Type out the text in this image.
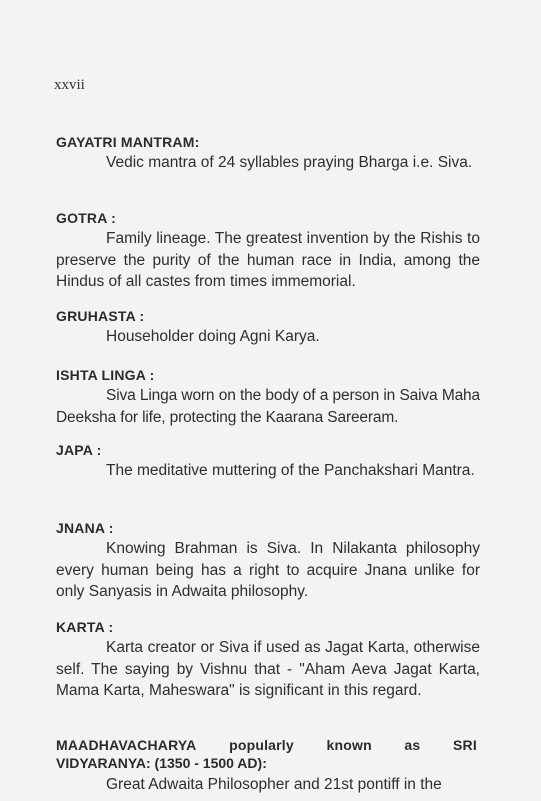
xxvii

GAYATRI MANTRAM:

Vedic mantra of 24 syllables praying Bharga i.e. Siva.

GOTRA :

Family lineage. The greatest invention by the Rishis to preserve the purity of the human race in India, among the Hindus of all castes from times immemorial.

GRUHASTA :

Householder doing Agni Karya.

ISHTA LINGA :

Siva Linga worn on the body of a person in Saiva Maha Deeksha for life, protecting the Kaarana Sareeram.

JAPA :

The meditative muttering of the Panchakshari Mantra.

JNANA :

Knowing Brahman is Siva. In Nilakanta philosophy every human being has a right to acquire Jnana unlike for only Sanyasis in Adwaita philosophy.

KARTA :

Karta creator or Siva if used as Jagat Karta, otherwise self. The saying by Vishnu that - "Aham Aeva Jagat Karta, Mama Karta, Maheswara" is significant in this regard.

MAADHAVACHARYA popularly known as SRI

VIDYARANYA: (1350 - 1500 AD):

Great Adwaita Philosopher and 21st pontiff in the
